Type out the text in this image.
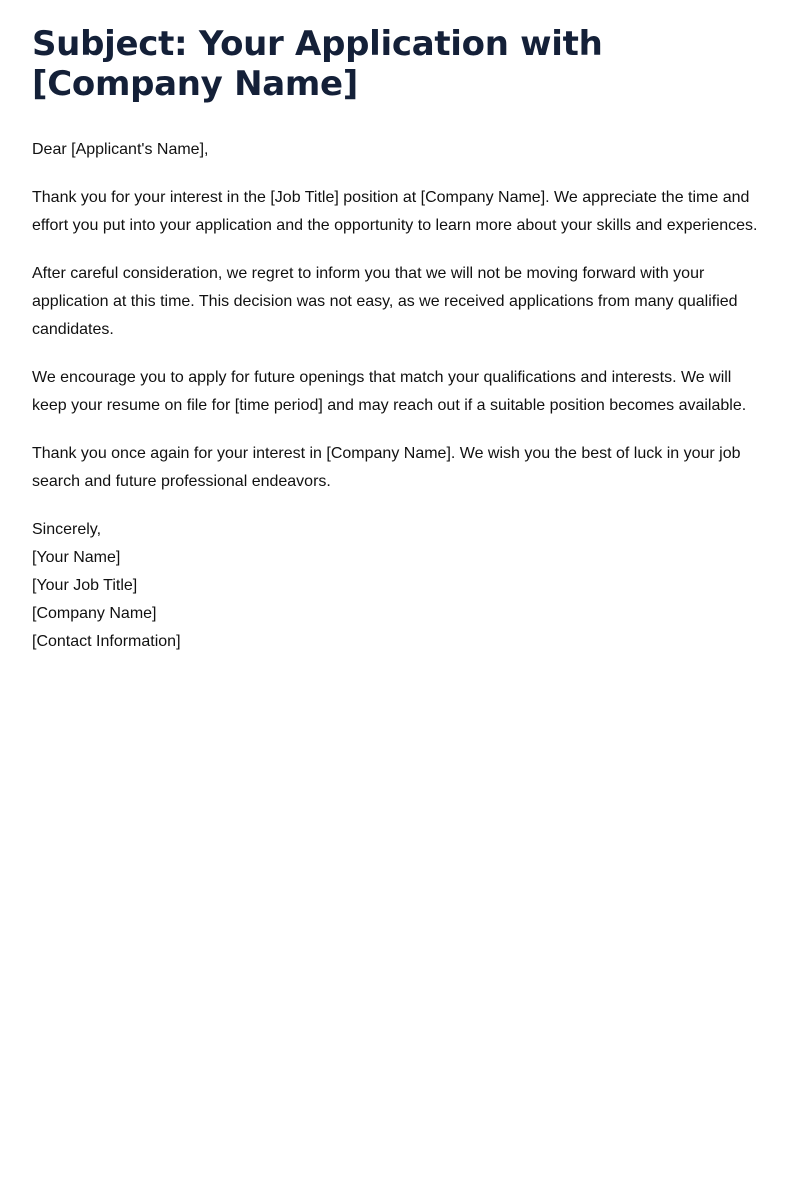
Subject: Your Application with [Company Name]

Dear [Applicant's Name],

Thank you for your interest in the [Job Title] position at [Company Name]. We appreciate the time and effort you put into your application and the opportunity to learn more about your skills and experiences.

After careful consideration, we regret to inform you that we will not be moving forward with your application at this time. This decision was not easy, as we received applications from many qualified candidates.

We encourage you to apply for future openings that match your qualifications and interests. We will keep your resume on file for [time period] and may reach out if a suitable position becomes available.

Thank you once again for your interest in [Company Name]. We wish you the best of luck in your job search and future professional endeavors.

Sincerely,
[Your Name]
[Your Job Title]
[Company Name]
[Contact Information]
